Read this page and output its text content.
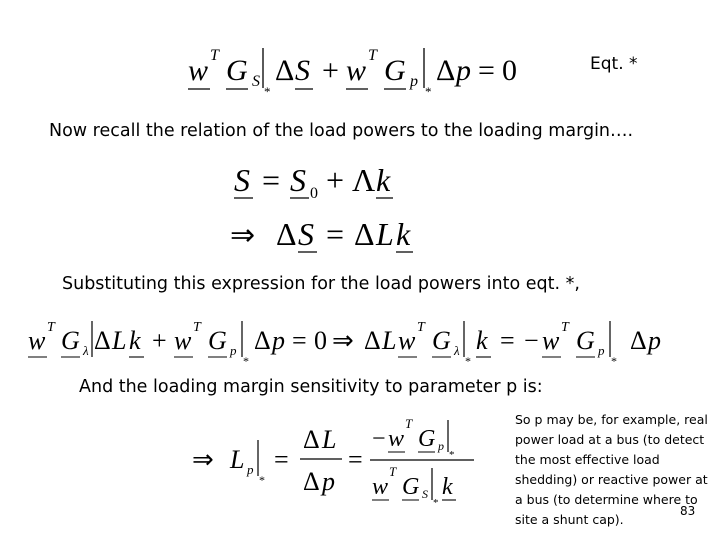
w T G S
*
Δ S + w T G p
*
Δ p = 0	Eqt. *
Now recall the relation of the load powers to the loading margin….
S = S 0 + Λ k
⇒ Δ S = Δ L k
Substituting this expression for the load powers into eqt. *,
w T G λ Δ L k + w T G p
*
Δ p = 0 ⇒ Δ L w T G λ
*
k = − w T G p
*
Δ p
And the loading margin sensitivity to parameter p is:
⇒ L p
*
=
Δ L
Δ p
=
− w
T
G p
*
w
T
G S
*
k
So p may be, for example, real power load at a bus (to detect the most effective load shedding) or reactive power at a bus (to determine where to site a shunt cap).
83
